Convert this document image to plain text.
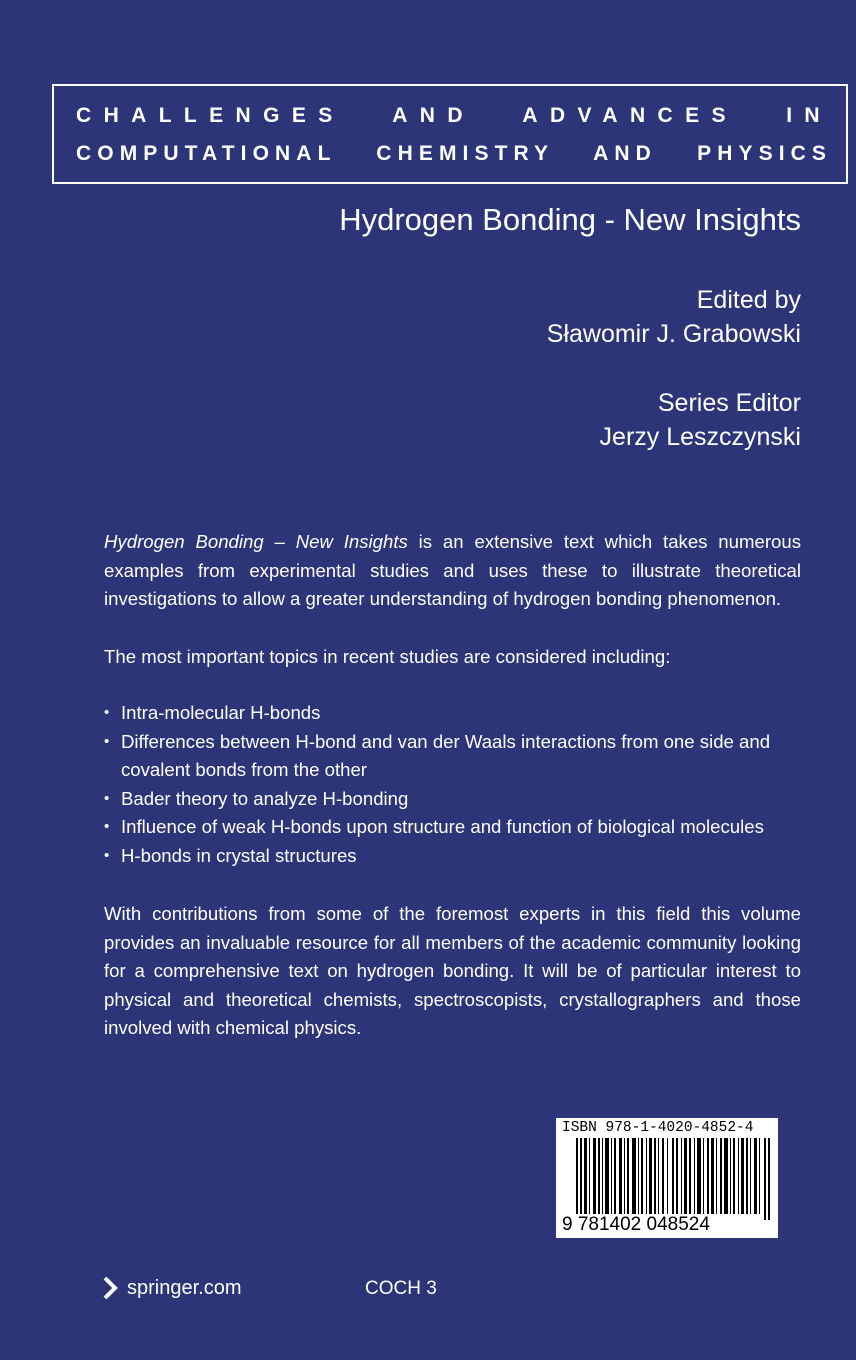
CHALLENGES AND ADVANCES IN
COMPUTATIONAL CHEMISTRY AND PHYSICS
Hydrogen Bonding - New Insights
Edited by
Sławomir J. Grabowski
Series Editor
Jerzy Leszczynski
Hydrogen Bonding – New Insights is an extensive text which takes numerous examples from experimental studies and uses these to illustrate theoretical investigations to allow a greater understanding of hydrogen bonding phenomenon.
The most important topics in recent studies are considered including:
• Intra-molecular H-bonds
• Differences between H-bond and van der Waals interactions from one side and covalent bonds from the other
• Bader theory to analyze H-bonding
• Influence of weak H-bonds upon structure and function of biological molecules
• H-bonds in crystal structures
With contributions from some of the foremost experts in this field this volume provides an invaluable resource for all members of the academic community looking for a comprehensive text on hydrogen bonding. It will be of particular interest to physical and theoretical chemists, spectroscopists, crystallographers and those involved with chemical physics.
ISBN 978-1-4020-4852-4
9 781402 048524
springer.com	COCH 3
